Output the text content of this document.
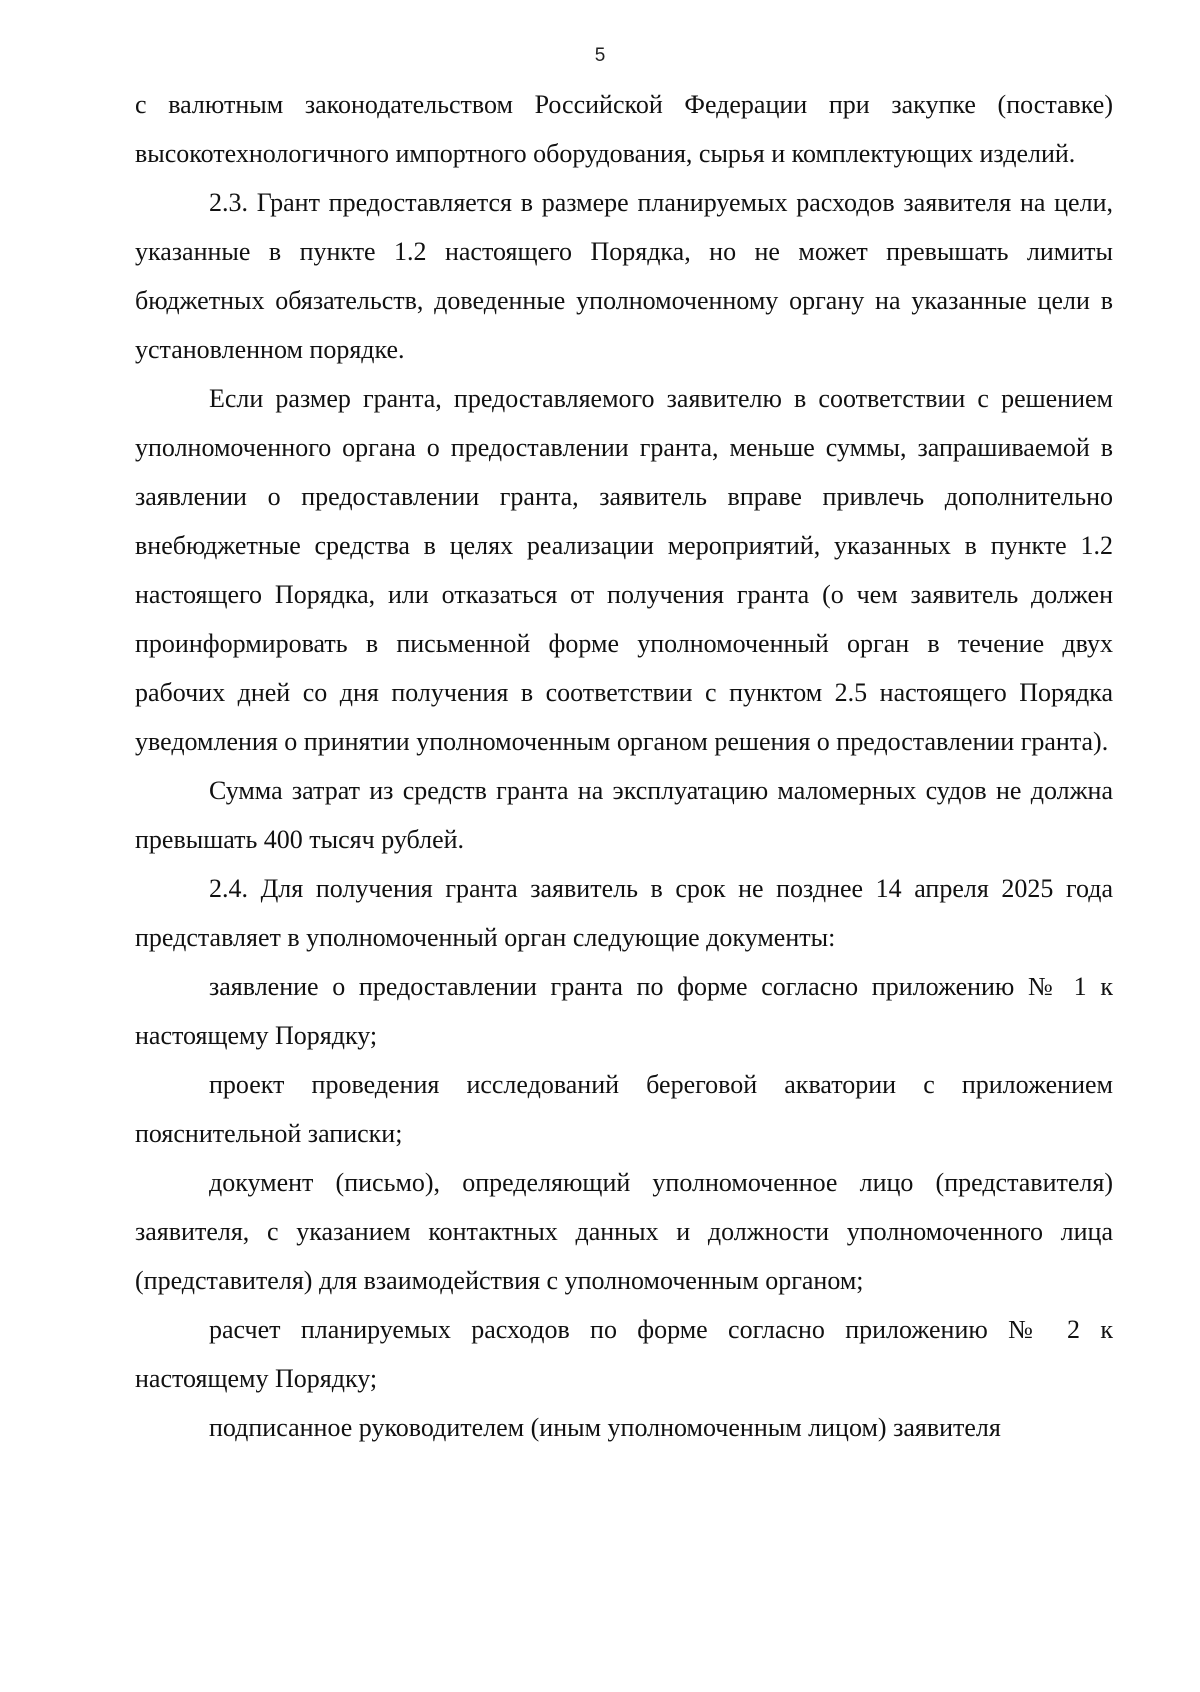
5

с валютным законодательством Российской Федерации при закупке (поставке) высокотехнологичного импортного оборудования, сырья и комплектующих изделий.

2.3. Грант предоставляется в размере планируемых расходов заявителя на цели, указанные в пункте 1.2 настоящего Порядка, но не может превышать лимиты бюджетных обязательств, доведенные уполномоченному органу на указанные цели в установленном порядке.

Если размер гранта, предоставляемого заявителю в соответствии с решением уполномоченного органа о предоставлении гранта, меньше суммы, запрашиваемой в заявлении о предоставлении гранта, заявитель вправе привлечь дополнительно внебюджетные средства в целях реализации мероприятий, указанных в пункте 1.2 настоящего Порядка, или отказаться от получения гранта (о чем заявитель должен проинформировать в письменной форме уполномоченный орган в течение двух рабочих дней со дня получения в соответствии с пунктом 2.5 настоящего Порядка уведомления о принятии уполномоченным органом решения о предоставлении гранта).

Сумма затрат из средств гранта на эксплуатацию маломерных судов не должна превышать 400 тысяч рублей.

2.4. Для получения гранта заявитель в срок не позднее 14 апреля 2025 года представляет в уполномоченный орган следующие документы:

заявление о предоставлении гранта по форме согласно приложению № 1 к настоящему Порядку;

проект проведения исследований береговой акватории с приложением пояснительной записки;

документ (письмо), определяющий уполномоченное лицо (представителя) заявителя, с указанием контактных данных и должности уполномоченного лица (представителя) для взаимодействия с уполномоченным органом;

расчет планируемых расходов по форме согласно приложению № 2 к настоящему Порядку;

подписанное руководителем (иным уполномоченным лицом) заявителя
